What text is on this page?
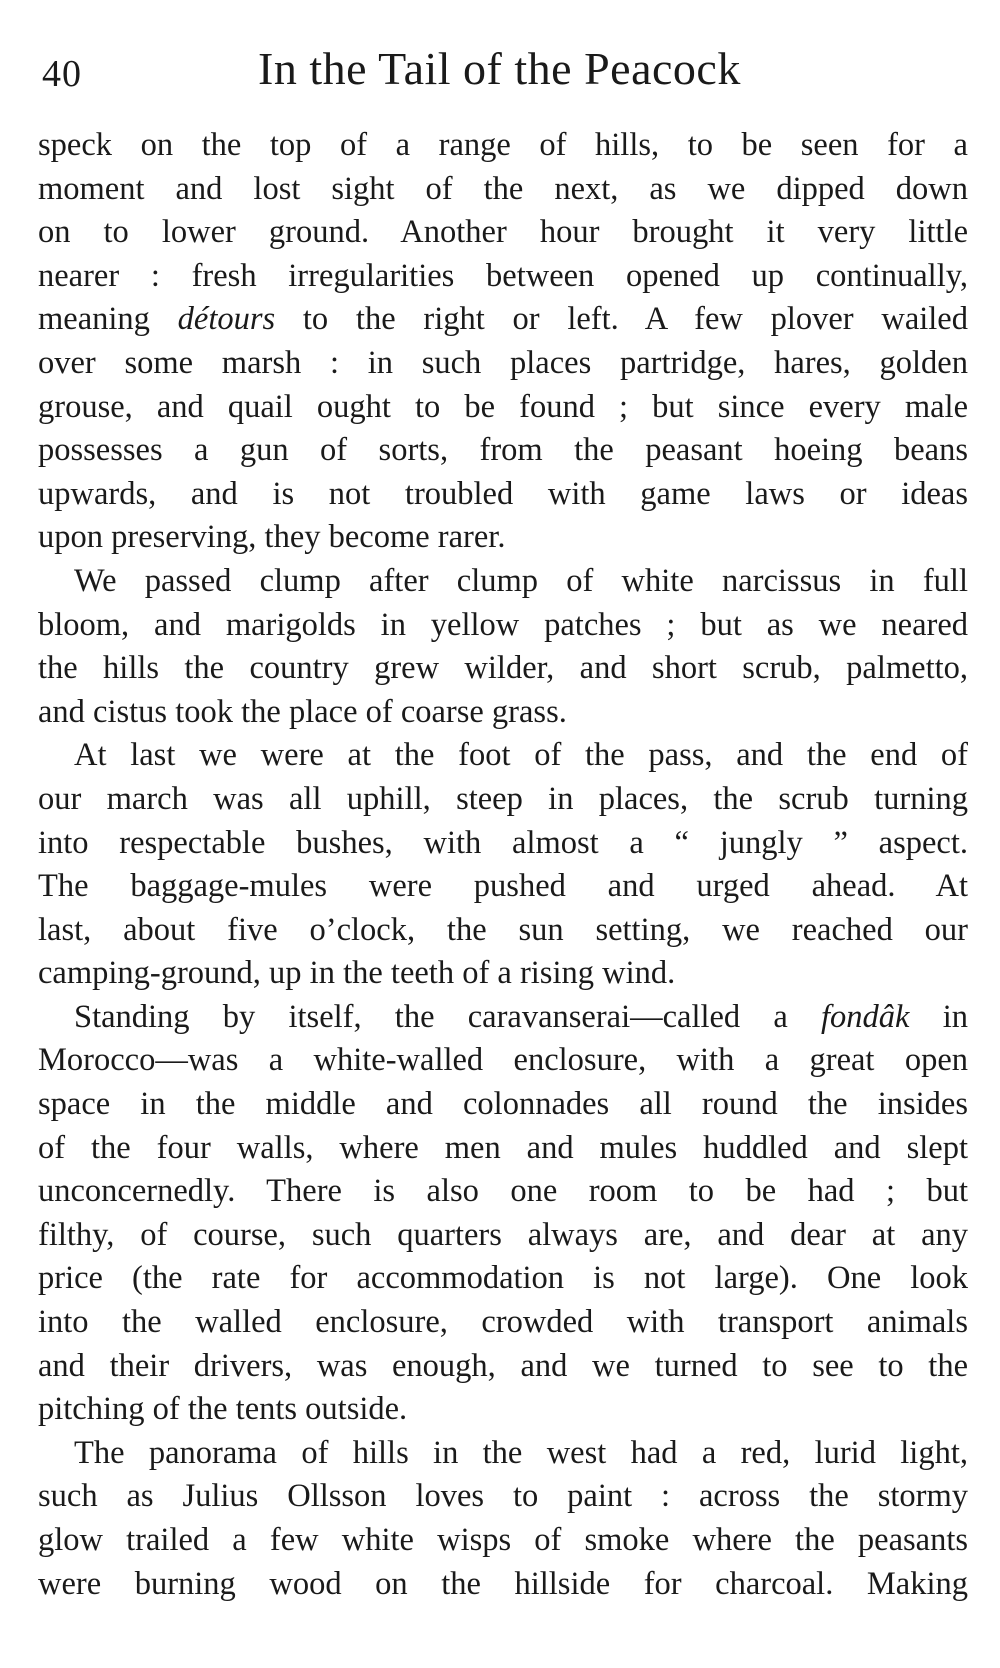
40	In the Tail of the Peacock
speck on the top of a range of hills, to be seen for a
moment and lost sight of the next, as we dipped down
on to lower ground. Another hour brought it very little
nearer : fresh irregularities between opened up continually,
meaning détours to the right or left. A few plover wailed
over some marsh : in such places partridge, hares, golden
grouse, and quail ought to be found ; but since every male
possesses a gun of sorts, from the peasant hoeing beans
upwards, and is not troubled with game laws or ideas
upon preserving, they become rarer.
We passed clump after clump of white narcissus in full
bloom, and marigolds in yellow patches ; but as we neared
the hills the country grew wilder, and short scrub, palmetto,
and cistus took the place of coarse grass.
At last we were at the foot of the pass, and the end of
our march was all uphill, steep in places, the scrub turning
into respectable bushes, with almost a “ jungly ” aspect.
The baggage-mules were pushed and urged ahead. At
last, about five o’clock, the sun setting, we reached our
camping-ground, up in the teeth of a rising wind.
Standing by itself, the caravanserai—called a fondâk in
Morocco—was a white-walled enclosure, with a great open
space in the middle and colonnades all round the insides
of the four walls, where men and mules huddled and slept
unconcernedly. There is also one room to be had ; but
filthy, of course, such quarters always are, and dear at any
price (the rate for accommodation is not large). One look
into the walled enclosure, crowded with transport animals
and their drivers, was enough, and we turned to see to the
pitching of the tents outside.
The panorama of hills in the west had a red, lurid light,
such as Julius Ollsson loves to paint : across the stormy
glow trailed a few white wisps of smoke where the peasants
were burning wood on the hillside for charcoal. Making
